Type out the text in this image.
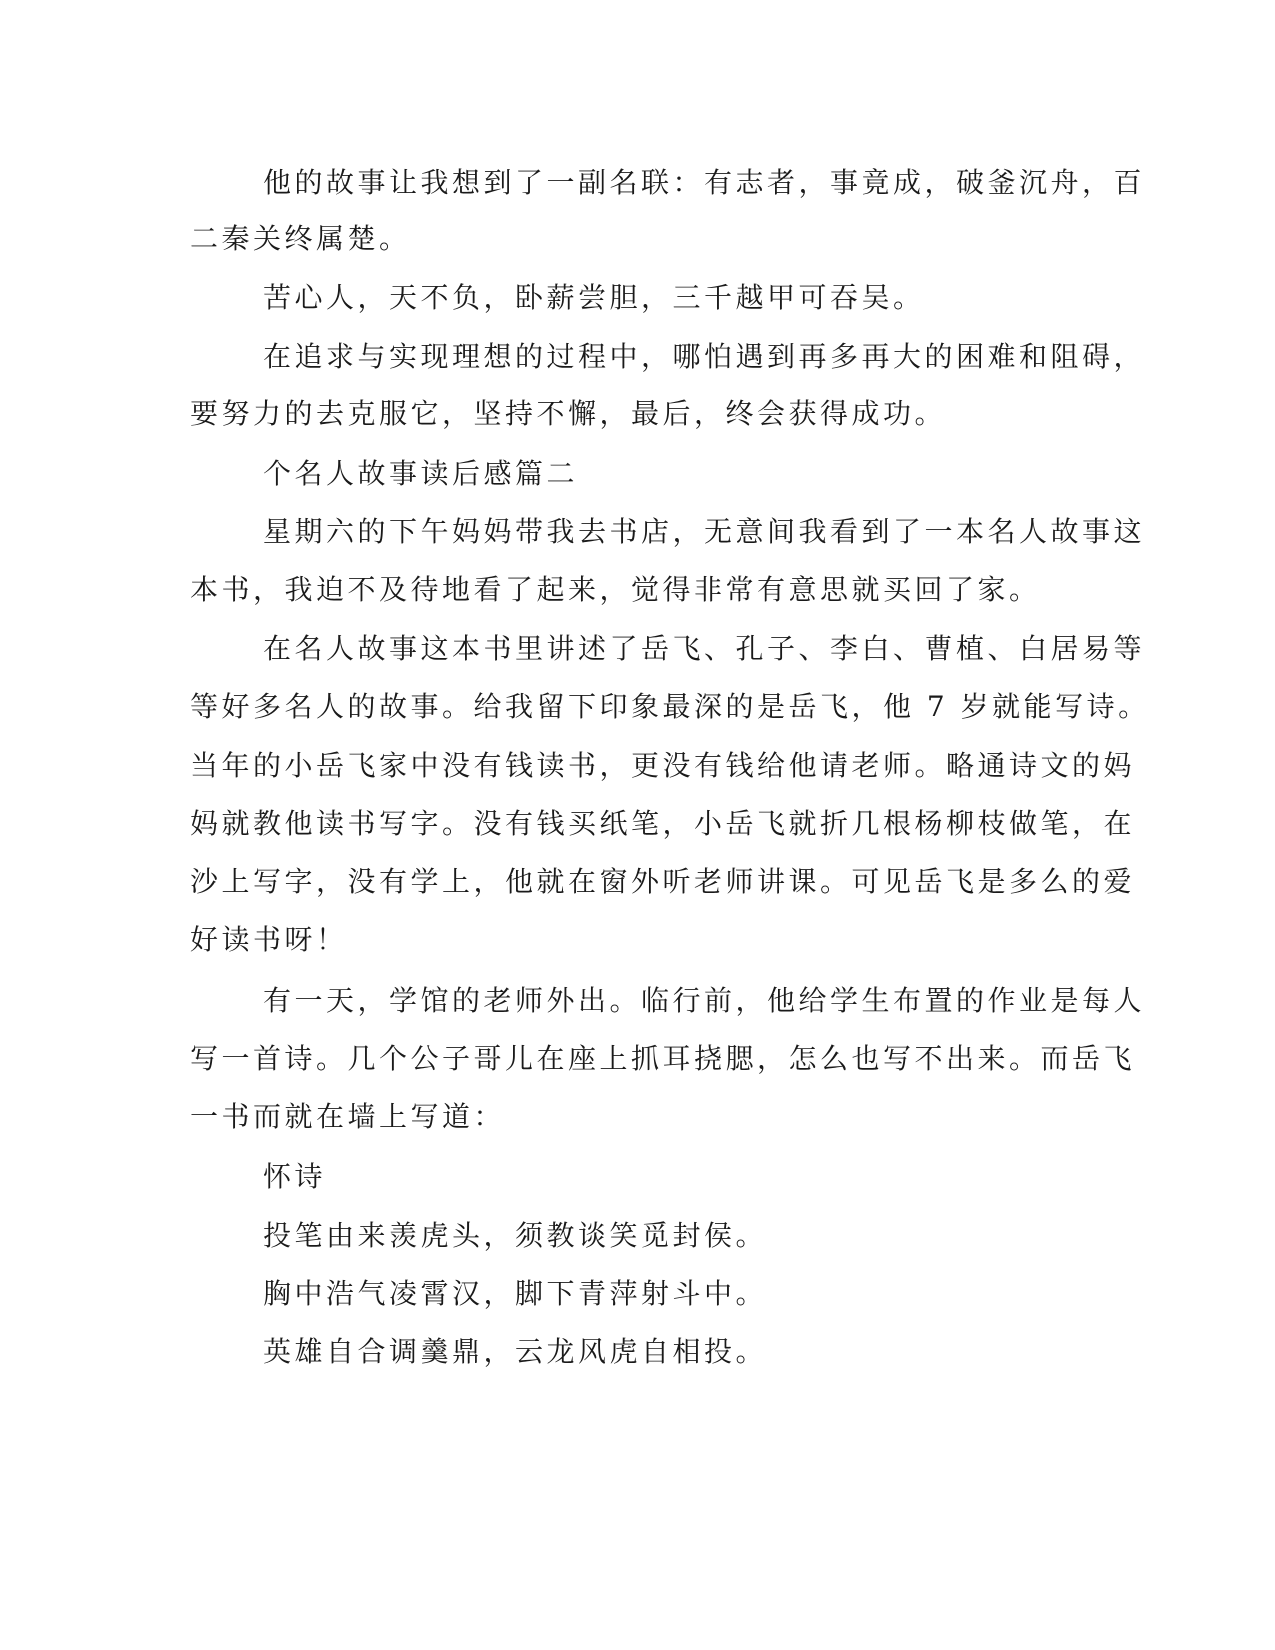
他的故事让我想到了一副名联：有志者，事竟成，破釜沉舟，百
二秦关终属楚。
苦心人，天不负，卧薪尝胆，三千越甲可吞吴。
在追求与实现理想的过程中，哪怕遇到再多再大的困难和阻碍，
要努力的去克服它，坚持不懈，最后，终会获得成功。
个名人故事读后感篇二
星期六的下午妈妈带我去书店，无意间我看到了一本名人故事这
本书，我迫不及待地看了起来，觉得非常有意思就买回了家。
在名人故事这本书里讲述了岳飞、孔子、李白、曹植、白居易等
等好多名人的故事。给我留下印象最深的是岳飞，他 7 岁就能写诗。
当年的小岳飞家中没有钱读书，更没有钱给他请老师。略通诗文的妈
妈就教他读书写字。没有钱买纸笔，小岳飞就折几根杨柳枝做笔，在
沙上写字，没有学上，他就在窗外听老师讲课。可见岳飞是多么的爱
好读书呀！
有一天，学馆的老师外出。临行前，他给学生布置的作业是每人
写一首诗。几个公子哥儿在座上抓耳挠腮，怎么也写不出来。而岳飞
一书而就在墙上写道：
怀诗
投笔由来羡虎头，须教谈笑觅封侯。
胸中浩气凌霄汉，脚下青萍射斗中。
英雄自合调羹鼎，云龙风虎自相投。
